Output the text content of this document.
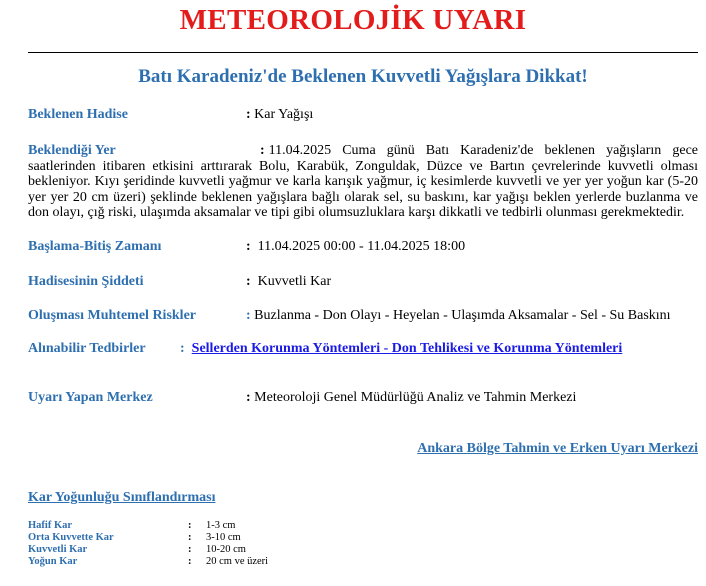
METEOROLOJİK UYARI
Batı Karadeniz'de Beklenen Kuvvetli Yağışlara Dikkat!
Beklenen Hadise	: Kar Yağışı
Beklendiği Yer	: 11.04.2025 Cuma günü Batı Karadeniz'de beklenen yağışların gece saatlerinden itibaren etkisini arttırarak Bolu, Karabük, Zonguldak, Düzce ve Bartın çevrelerinde kuvvetli olması bekleniyor. Kıyı şeridinde kuvvetli yağmur ve karla karışık yağmur, iç kesimlerde kuvvetli ve yer yer yoğun kar (5-20 yer yer 20 cm üzeri) şeklinde beklenen yağışlara bağlı olarak sel, su baskını, kar yağışı beklen yerlerde buzlanma ve don olayı, çığ riski, ulaşımda aksamalar ve tipi gibi olumsuzluklara karşı dikkatli ve tedbirli olunması gerekmektedir.
Başlama-Bitiş Zamanı	: 11.04.2025 00:00 - 11.04.2025 18:00
Hadisesinin Şiddeti	: Kuvvetli Kar
Oluşması Muhtemel Riskler	: Buzlanma - Don Olayı - Heyelan - Ulaşımda Aksamalar - Sel - Su Baskını
Alınabilir Tedbirler : Sellerden Korunma Yöntemleri - Don Tehlikesi ve Korunma Yöntemleri
Uyarı Yapan Merkez	: Meteoroloji Genel Müdürlüğü Analiz ve Tahmin Merkezi
Ankara Bölge Tahmin ve Erken Uyarı Merkezi
Kar Yoğunluğu Sınıflandırması
Hafif Kar	: 1-3 cm
Orta Kuvvette Kar	: 3-10 cm
Kuvvetli Kar	: 10-20 cm
Yoğun Kar	: 20 cm ve üzeri
